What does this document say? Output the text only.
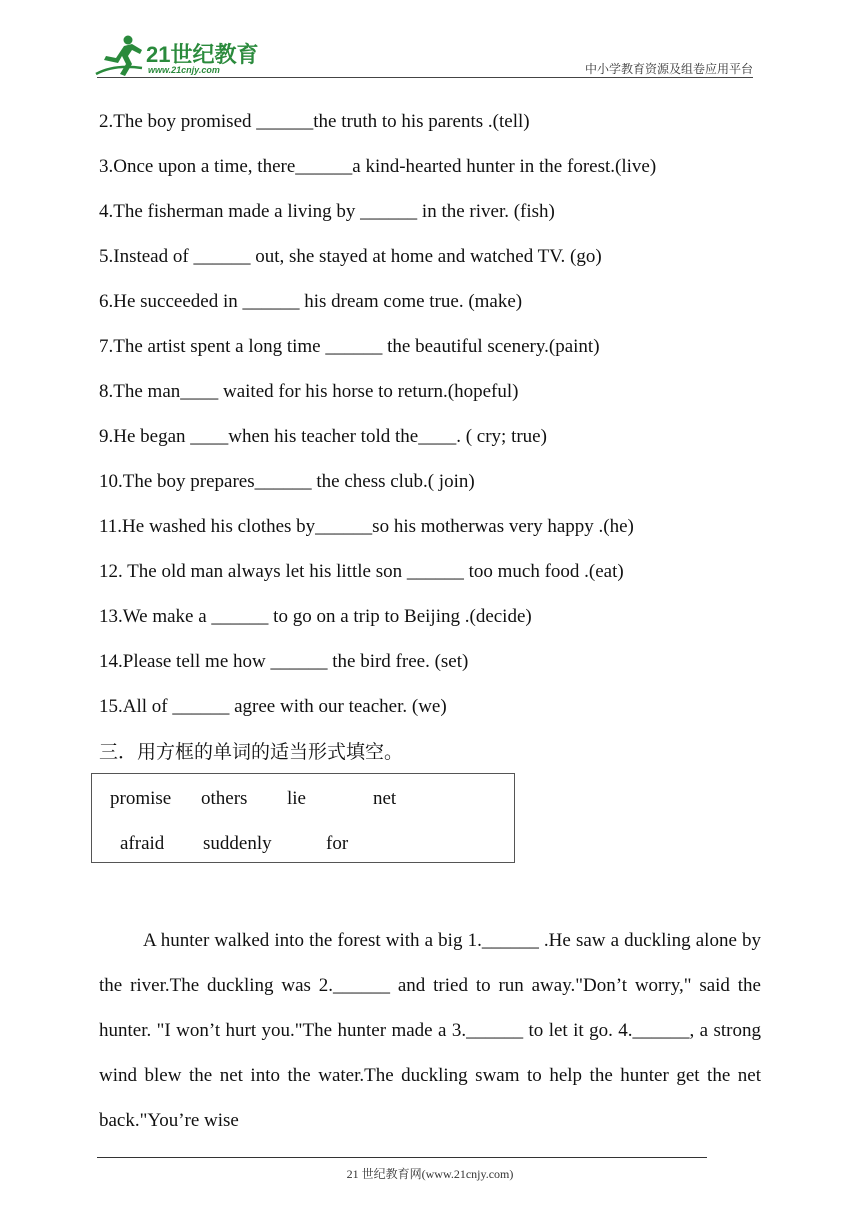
21世纪教育
www.21cnjy.com	中小学教育资源及组卷应用平台
2.The boy promised ______the truth to his parents .(tell)
3.Once upon a time, there______a kind-hearted hunter in the forest.(live)
4.The fisherman made a living by ______ in the river. (fish)
5.Instead of ______ out, she stayed at home and watched TV. (go)
6.He succeeded in ______ his dream come true. (make)
7.The artist spent a long time ______ the beautiful scenery.(paint)
8.The man____ waited for his horse to return.(hopeful)
9.He began ____when his teacher told the____. ( cry; true)
10.The boy prepares______ the chess club.( join)
11.He washed his clothes by______so his motherwas very happy .(he)
12. The old man always let his little son ______ too much food .(eat)
13.We make a ______ to go on a trip to Beijing .(decide)
14.Please tell me how ______ the bird free. (set)
15.All of ______ agree with our teacher. (we)
三．用方框的单词的适当形式填空。
promise others lie	net
afraid suddenly	for
A hunter walked into the forest with a big 1.______ .He saw a duckling alone by the river.The duckling was 2.______ and tried to run away."Don’t worry," said the hunter. "I won’t hurt you."The hunter made a 3.______ to let it go. 4.______, a strong wind blew the net into the water.The duckling swam to help the hunter get the net back."You’re wise
21 世纪教育网(www.21cnjy.com)
